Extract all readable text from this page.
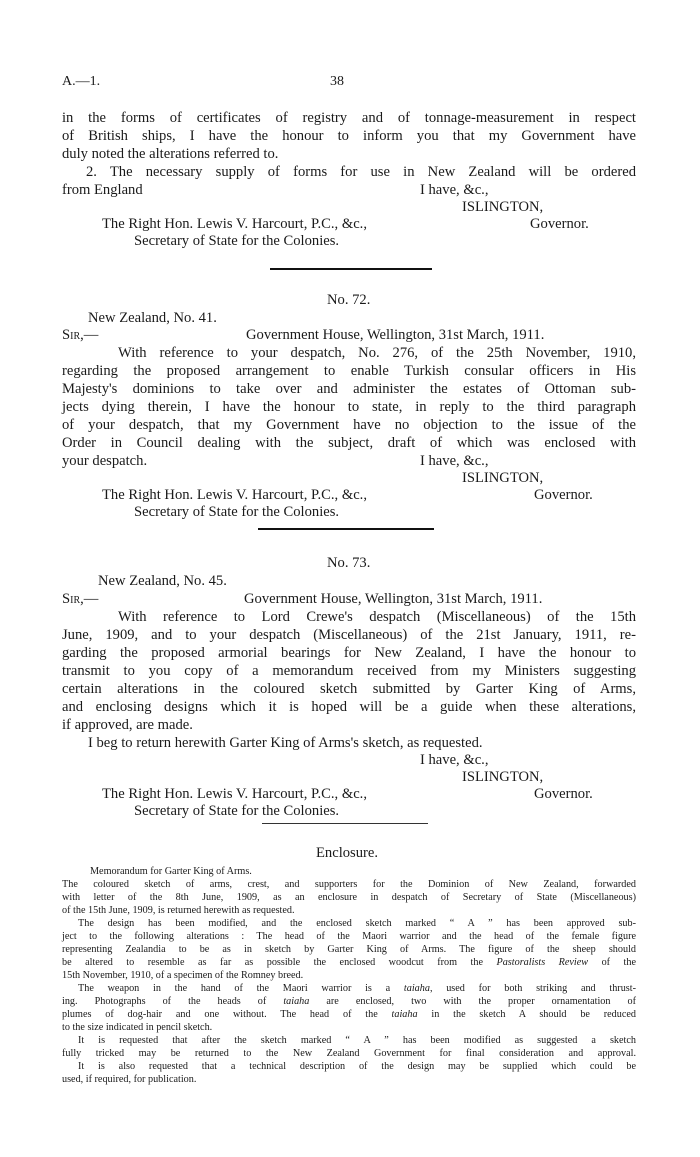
A.—1.	38
in the forms of certificates of registry and of tonnage-measurement in respect
of British ships, I have the honour to inform you that my Government have
duly noted the alterations referred to.
2. The necessary supply of forms for use in New Zealand will be ordered
from England	I have, &c.,
ISLINGTON,
The Right Hon. Lewis V. Harcourt, P.C., &c.,	Governor.
Secretary of State for the Colonies.
No. 72.
New Zealand, No. 41.
Sir,—	Government House, Wellington, 31st March, 1911.
With reference to your despatch, No. 276, of the 25th November, 1910,
regarding the proposed arrangement to enable Turkish consular officers in His
Majesty's dominions to take over and administer the estates of Ottoman sub-
jects dying therein, I have the honour to state, in reply to the third paragraph
of your despatch, that my Government have no objection to the issue of the
Order in Council dealing with the subject, draft of which was enclosed with
your despatch.	I have, &c.,
ISLINGTON,
The Right Hon. Lewis V. Harcourt, P.C., &c.,	Governor.
Secretary of State for the Colonies.
No. 73.
New Zealand, No. 45.
Sir,—	Government House, Wellington, 31st March, 1911.
With reference to Lord Crewe's despatch (Miscellaneous) of the 15th
June, 1909, and to your despatch (Miscellaneous) of the 21st January, 1911, re-
garding the proposed armorial bearings for New Zealand, I have the honour to
transmit to you copy of a memorandum received from my Ministers suggesting
certain alterations in the coloured sketch submitted by Garter King of Arms,
and enclosing designs which it is hoped will be a guide when these alterations,
if approved, are made.
I beg to return herewith Garter King of Arms's sketch, as requested.
I have, &c.,
ISLINGTON,
The Right Hon. Lewis V. Harcourt, P.C., &c.,	Governor.
Secretary of State for the Colonies.
Enclosure.
Memorandum for Garter King of Arms.
The coloured sketch of arms, crest, and supporters for the Dominion of New Zealand, forwarded
with letter of the 8th June, 1909, as an enclosure in despatch of Secretary of State (Miscellaneous)
of the 15th June, 1909, is returned herewith as requested.
The design has been modified, and the enclosed sketch marked “ A ” has been approved sub-
ject to the following alterations : The head of the Maori warrior and the head of the female figure
representing Zealandia to be as in sketch by Garter King of Arms. The figure of the sheep should
be altered to resemble as far as possible the enclosed woodcut from the Pastoralists Review of the
15th November, 1910, of a specimen of the Romney breed.
The weapon in the hand of the Maori warrior is a taiaha, used for both striking and thrust-
ing. Photographs of the heads of taiaha are enclosed, two with the proper ornamentation of
plumes of dog-hair and one without. The head of the taiaha in the sketch A should be reduced
to the size indicated in pencil sketch.
It is requested that after the sketch marked “ A ” has been modified as suggested a sketch
fully tricked may be returned to the New Zealand Government for final consideration and approval.
It is also requested that a technical description of the design may be supplied which could be
used, if required, for publication.
